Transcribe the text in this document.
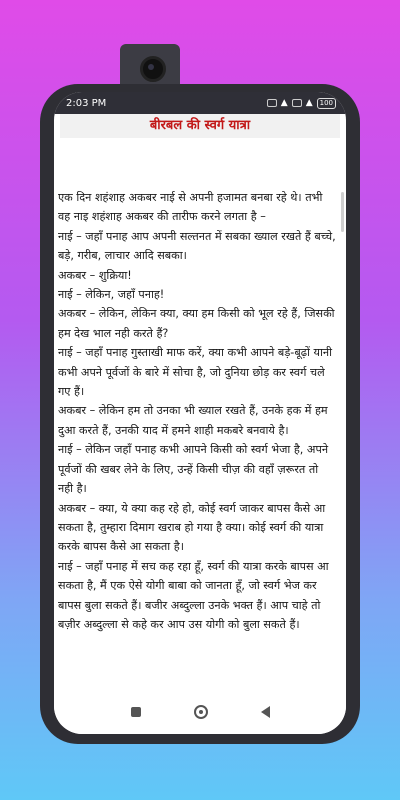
2:03 PM	▲ ▲	100
बीरबल की स्वर्ग यात्रा

एक दिन शहंशाह अकबर नाई से अपनी हजामत बनबा रहे थे। तभी वह नाइ शहंशाह अकबर की तारीफ करने लगता है –

नाई – जहाँ पनाह आप अपनी सल्तनत में सबका ख्याल रखते हैं बच्चे, बड़े, गरीब, लाचार आदि सबका।

अकबर – शुक्रिया!

नाई – लेकिन, जहाँ पनाह!

अकबर – लेकिन, लेकिन क्या, क्या हम किसी को भूल रहे हैं, जिसकी हम देख भाल नही करते हैं?

नाई – जहाँ पनाह गुस्ताखी माफ करें, क्या कभी आपने बड़े-बूढ़ों यानी कभी अपने पूर्वजों के बारे में सोचा है, जो दुनिया छोड़ कर स्वर्ग चले गए हैं।

अकबर – लेकिन हम तो उनका भी ख्याल रखते हैं, उनके हक में हम दुआ करते हैं, उनकी याद में हमने शाही मकबरे बनवाये है।

नाई – लेकिन जहाँ पनाह कभी आपने किसी को स्वर्ग भेजा है, अपने पूर्वजों की खबर लेने के लिए, उन्हें किसी चीज़ की वहाँ ज़रूरत तो नही है।

अकबर – क्या, ये क्या कह रहे हो, कोई स्वर्ग जाकर बापस कैसे आ सकता है, तुम्हारा दिमाग खराब हो गया है क्या। कोई स्वर्ग की यात्रा करके बापस कैसे आ सकता है।

नाई – जहाँ पनाह में सच कह रहा हूँ, स्वर्ग की यात्रा करके बापस आ सकता है, मैं एक ऐसे योगी बाबा को जानता हूँ, जो स्वर्ग भेज कर बापस बुला सकते हैं। बजीर अब्दुल्ला उनके भक्त हैं। आप चाहे तो बज़ीर अब्दुल्ला से कहे कर आप उस योगी को बुला सकते हैं।
